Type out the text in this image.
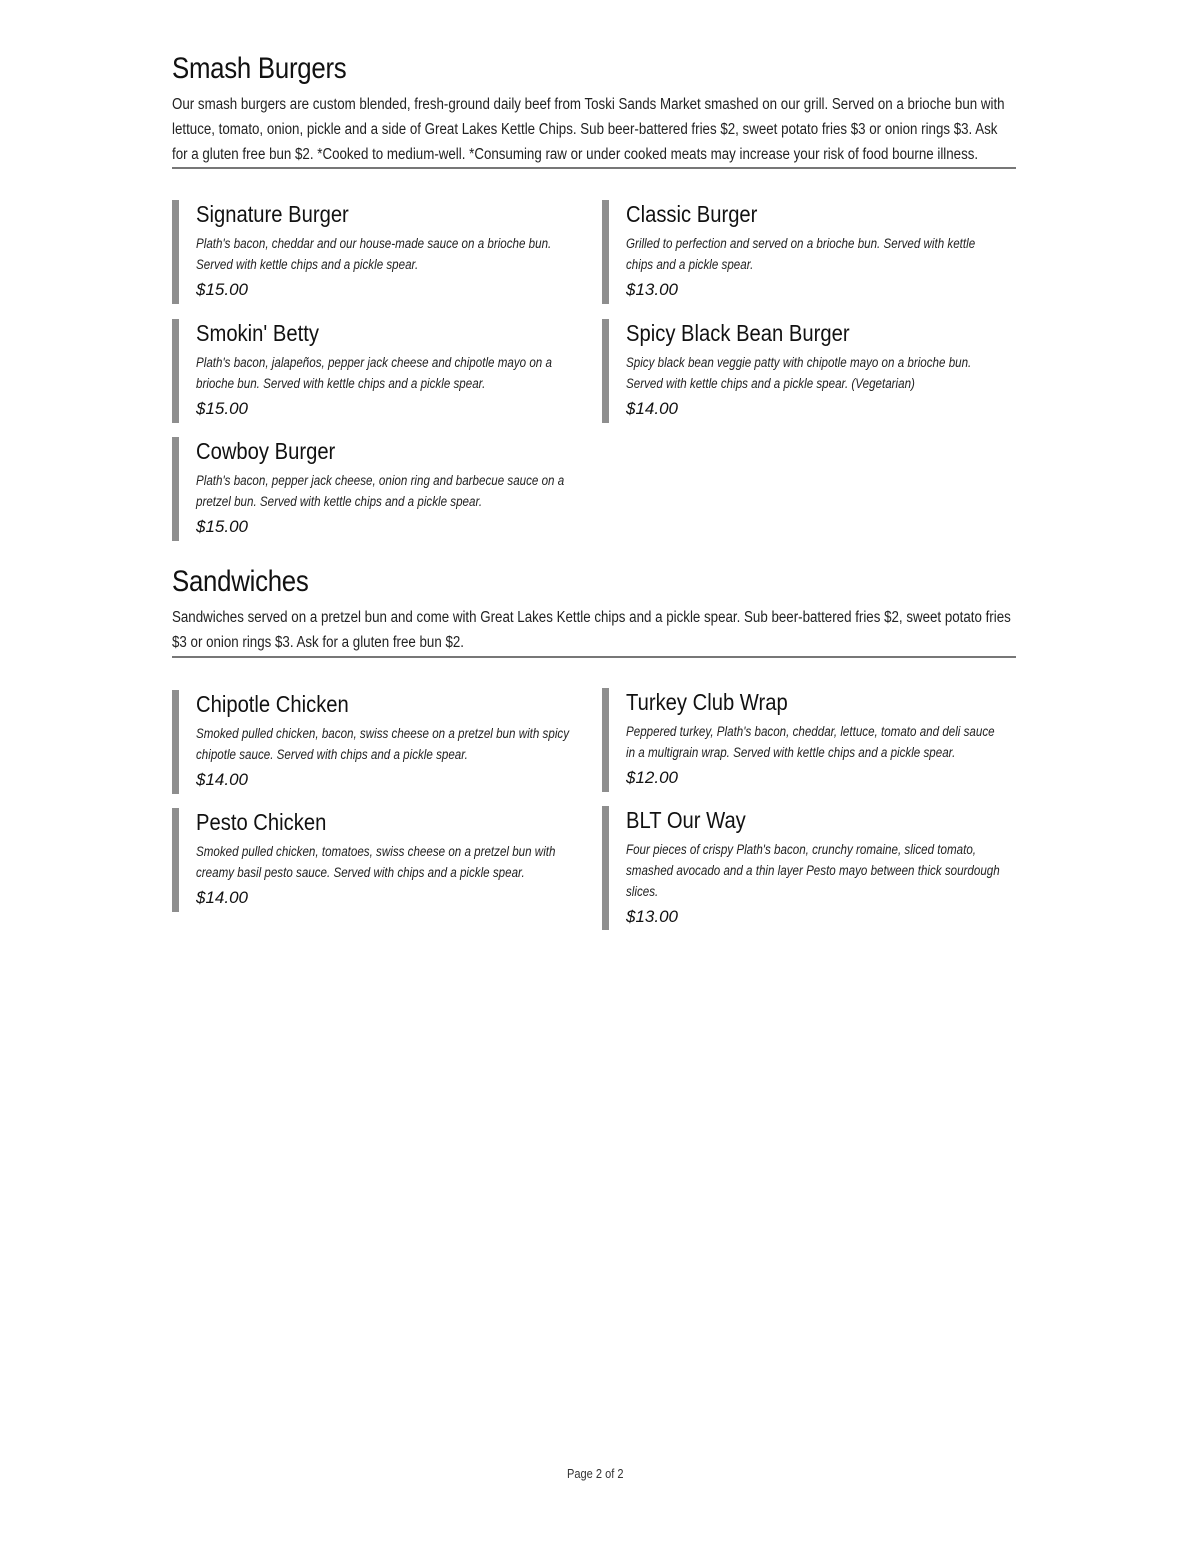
Smash Burgers

Our smash burgers are custom blended, fresh-ground daily beef from Toski Sands Market smashed on our grill. Served on a brioche bun with lettuce, tomato, onion, pickle and a side of Great Lakes Kettle Chips. Sub beer-battered fries $2, sweet potato fries $3 or onion rings $3. Ask for a gluten free bun $2. *Cooked to medium-well. *Consuming raw or under cooked meats may increase your risk of food bourne illness.

Signature Burger

Plath's bacon, cheddar and our house-made sauce on a brioche bun. Served with kettle chips and a pickle spear.

$15.00

Classic Burger

Grilled to perfection and served on a brioche bun. Served with kettle chips and a pickle spear.

$13.00

Smokin' Betty

Plath's bacon, jalapeños, pepper jack cheese and chipotle mayo on a brioche bun. Served with kettle chips and a pickle spear.

$15.00

Spicy Black Bean Burger

Spicy black bean veggie patty with chipotle mayo on a brioche bun. Served with kettle chips and a pickle spear. (Vegetarian)

$14.00

Cowboy Burger

Plath's bacon, pepper jack cheese, onion ring and barbecue sauce on a pretzel bun. Served with kettle chips and a pickle spear.

$15.00

Sandwiches

Sandwiches served on a pretzel bun and come with Great Lakes Kettle chips and a pickle spear. Sub beer-battered fries $2, sweet potato fries $3 or onion rings $3. Ask for a gluten free bun $2.

Chipotle Chicken

Smoked pulled chicken, bacon, swiss cheese on a pretzel bun with spicy chipotle sauce. Served with chips and a pickle spear.

$14.00

Turkey Club Wrap

Peppered turkey, Plath's bacon, cheddar, lettuce, tomato and deli sauce in a multigrain wrap. Served with kettle chips and a pickle spear.

$12.00

Pesto Chicken

Smoked pulled chicken, tomatoes, swiss cheese on a pretzel bun with creamy basil pesto sauce. Served with chips and a pickle spear.

$14.00

BLT Our Way

Four pieces of crispy Plath's bacon, crunchy romaine, sliced tomato, smashed avocado and a thin layer Pesto mayo between thick sourdough slices.

$13.00

Page 2 of 2
